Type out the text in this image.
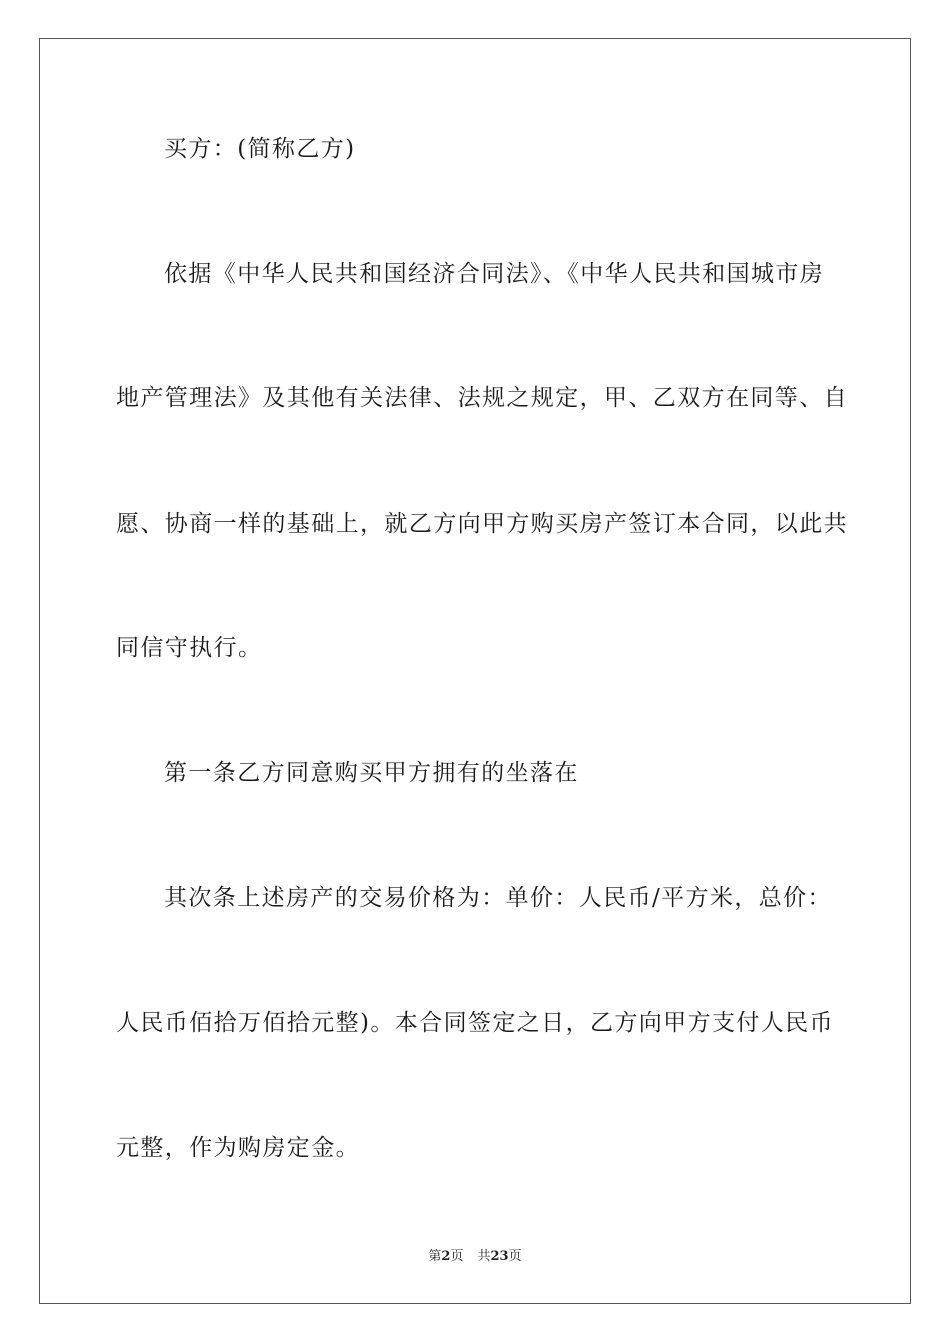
买方：(简称乙方)
依据《中华人民共和国经济合同法》、《中华人民共和国城市房
地产管理法》及其他有关法律、法规之规定，甲、乙双方在同等、自
愿、协商一样的基础上，就乙方向甲方购买房产签订本合同，以此共
同信守执行。
第一条乙方同意购买甲方拥有的坐落在
其次条上述房产的交易价格为：单价：人民币/平方米，总价：
人民币佰拾万佰拾元整)。本合同签定之日，乙方向甲方支付人民币
元整，作为购房定金。
第2页 共23页
